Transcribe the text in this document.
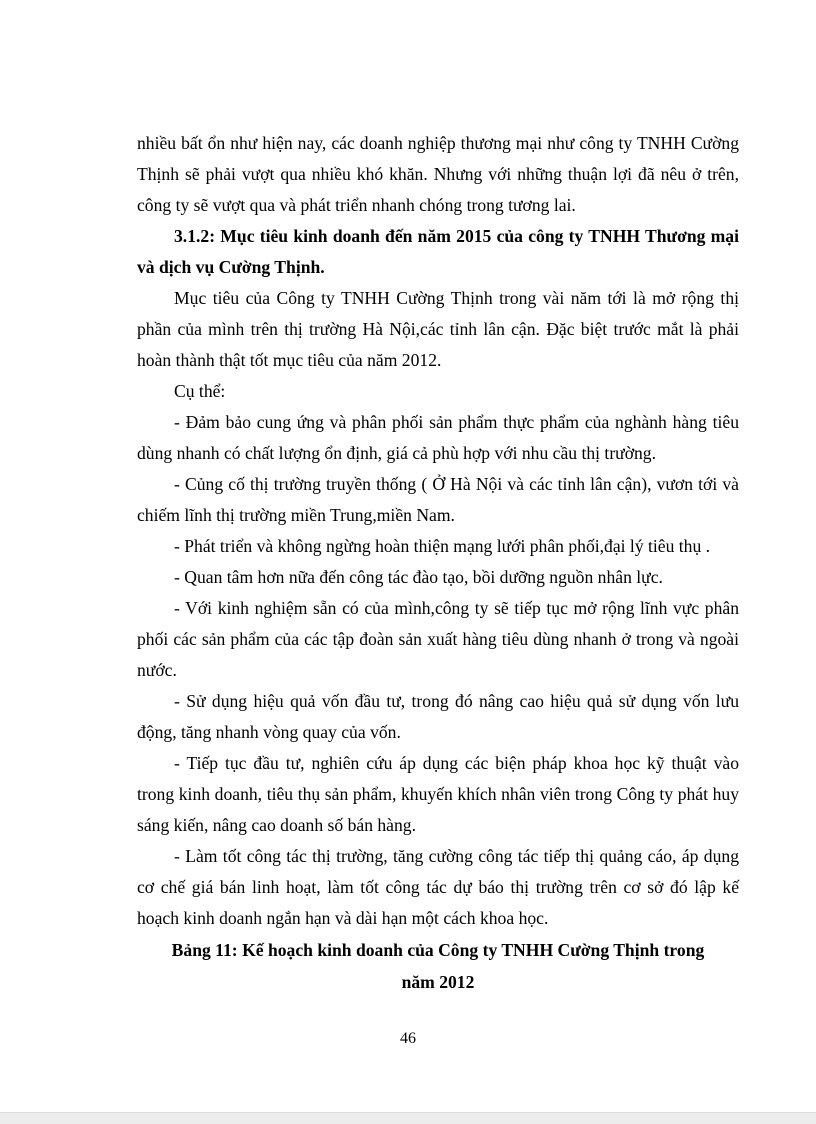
nhiều bất ổn như hiện nay, các doanh nghiệp thương mại như công ty TNHH Cường Thịnh sẽ phải vượt qua nhiều khó khăn. Nhưng với những thuận lợi đã nêu ở trên, công ty sẽ vượt qua và phát triển nhanh chóng trong tương lai.

3.1.2: Mục tiêu kinh doanh đến năm 2015 của công ty TNHH Thương mại và dịch vụ Cường Thịnh.

Mục tiêu của Công ty TNHH Cường Thịnh trong vài năm tới là mở rộng thị phần của mình trên thị trường Hà Nội,các tỉnh lân cận. Đặc biệt trước mắt là phải hoàn thành thật tốt mục tiêu của năm 2012.

Cụ thể:

- Đảm bảo cung ứng và phân phối sản phẩm thực phẩm của nghành hàng tiêu dùng nhanh có chất lượng ổn định, giá cả phù hợp với nhu cầu thị trường.

- Củng cố thị trường truyền thống ( Ở Hà Nội và các tỉnh lân cận), vươn tới và chiếm lĩnh thị trường miền Trung,miền Nam.

- Phát triển và không ngừng hoàn thiện mạng lưới phân phối,đại lý tiêu thụ .

- Quan tâm hơn nữa đến công tác đào tạo, bồi dưỡng nguồn nhân lực.

- Với kinh nghiệm sẵn có của mình,công ty sẽ tiếp tục mở rộng lĩnh vực phân phối các sản phẩm của các tập đoàn sản xuất hàng tiêu dùng nhanh ở trong và ngoài nước.

- Sử dụng hiệu quả vốn đầu tư, trong đó nâng cao hiệu quả sử dụng vốn lưu động, tăng nhanh vòng quay của vốn.

- Tiếp tục đầu tư, nghiên cứu áp dụng các biện pháp khoa học kỹ thuật vào trong kinh doanh, tiêu thụ sản phẩm, khuyến khích nhân viên trong Công ty phát huy sáng kiến, nâng cao doanh số bán hàng.

- Làm tốt công tác thị trường, tăng cường công tác tiếp thị quảng cáo, áp dụng cơ chế giá bán linh hoạt, làm tốt công tác dự báo thị trường trên cơ sở đó lập kế hoạch kinh doanh ngắn hạn và dài hạn một cách khoa học.

Bảng 11: Kế hoạch kinh doanh của Công ty TNHH Cường Thịnh trong

năm 2012

46
